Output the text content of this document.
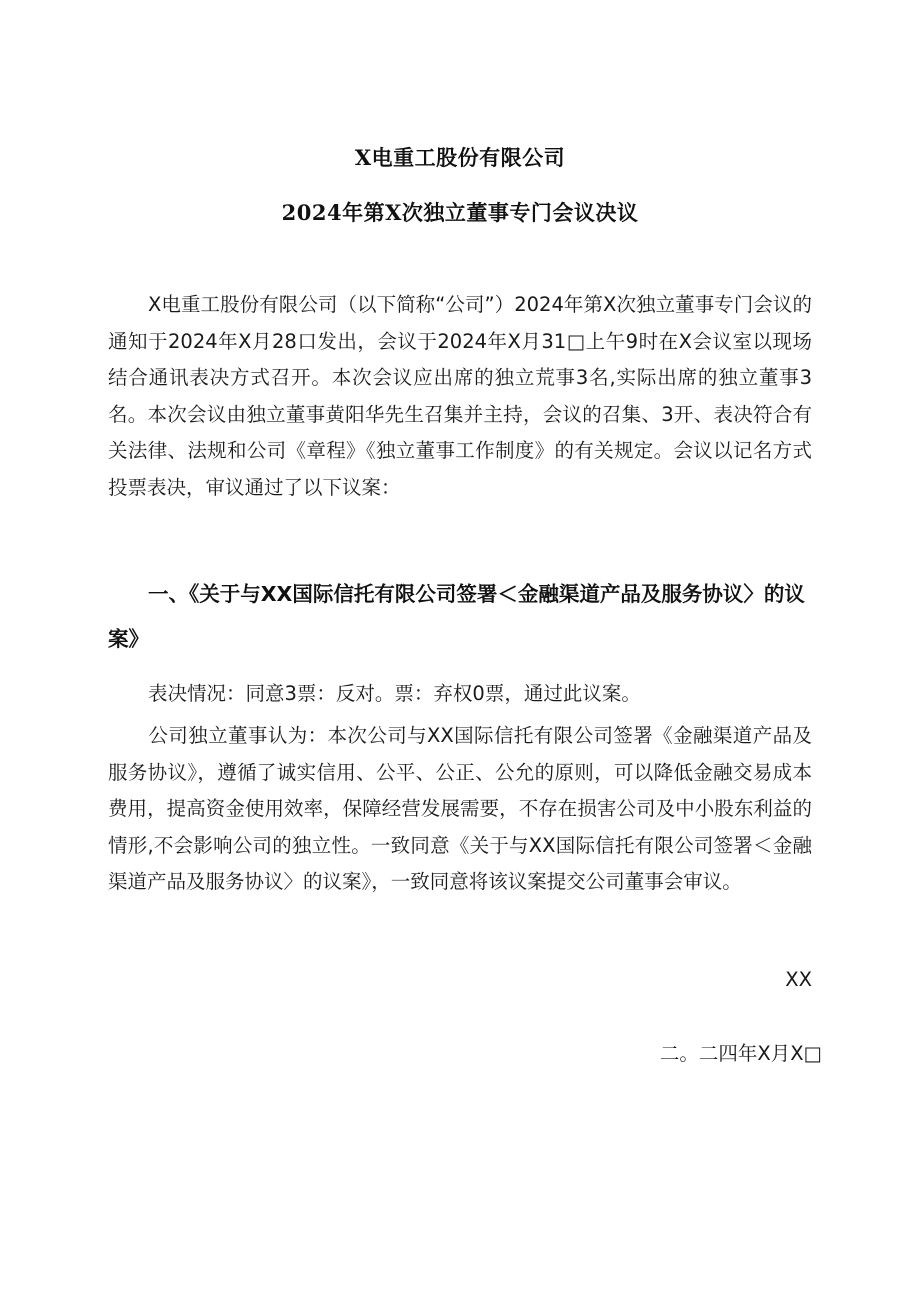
X电重工股份有限公司
2024年第X次独立董事专门会议决议
X电重工股份有限公司（以下简称“公司”）2024年第X次独立董事专门会议的通知于2024年X月28口发出，会议于2024年X月31□上午9时在X会议室以现场结合通讯表决方式召开。本次会议应出席的独立荒事3名,实际出席的独立董事3名。本次会议由独立董事黄阳华先生召集并主持，会议的召集、3开、表决符合有关法律、法规和公司《章程》《独立董事工作制度》的有关规定。会议以记名方式投票表决，审议通过了以下议案：
一、《关于与XX国际信托有限公司签署＜金融渠道产品及服务协议〉的议案》
表决情况：同意3票：反对。票：弃权0票，通过此议案。
公司独立董事认为：本次公司与XX国际信托有限公司签署《金融渠道产品及服务协议》，遵循了诚实信用、公平、公正、公允的原则，可以降低金融交易成本费用，提高资金使用效率，保障经营发展需要，不存在损害公司及中小股东利益的情形,不会影响公司的独立性。一致同意《关于与XX国际信托有限公司签署＜金融渠道产品及服务协议〉的议案》，一致同意将该议案提交公司董事会审议。
XX
二。二四年X月X□
